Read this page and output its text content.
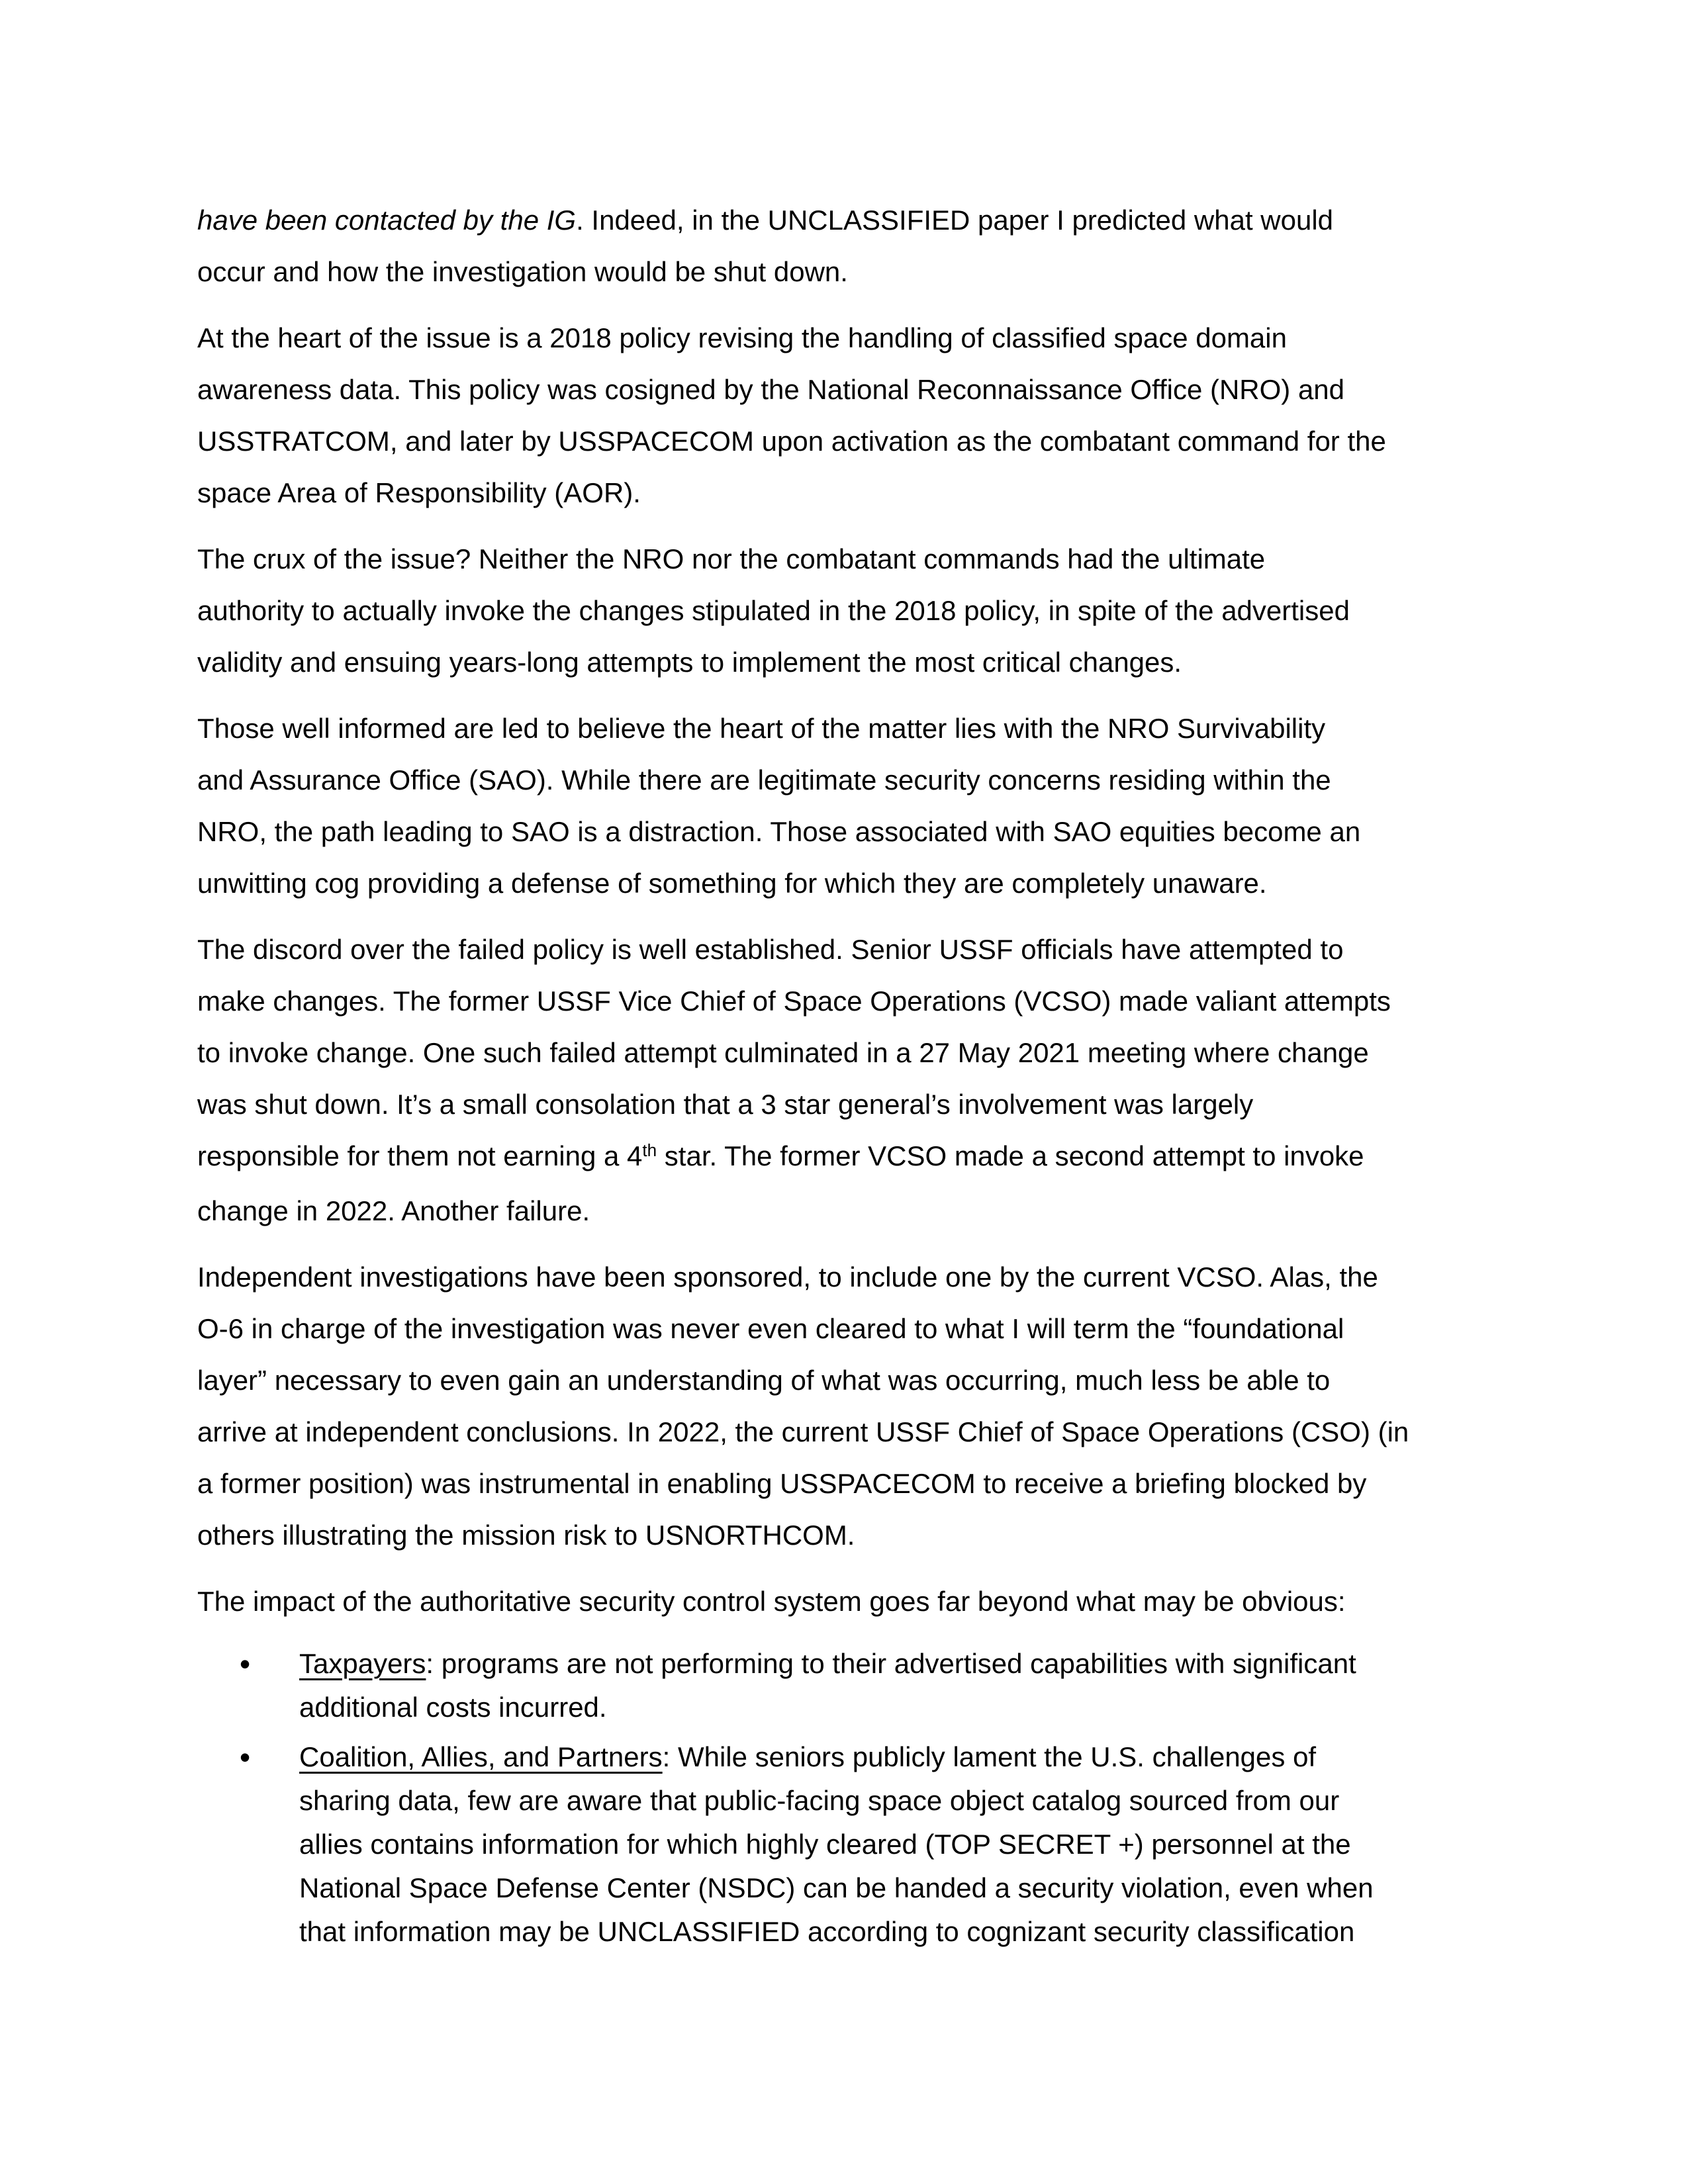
have been contacted by the IG. Indeed, in the UNCLASSIFIED paper I predicted what would
occur and how the investigation would be shut down.
At the heart of the issue is a 2018 policy revising the handling of classified space domain
awareness data. This policy was cosigned by the National Reconnaissance Office (NRO) and
USSTRATCOM, and later by USSPACECOM upon activation as the combatant command for the
space Area of Responsibility (AOR).
The crux of the issue? Neither the NRO nor the combatant commands had the ultimate
authority to actually invoke the changes stipulated in the 2018 policy, in spite of the advertised
validity and ensuing years-long attempts to implement the most critical changes.
Those well informed are led to believe the heart of the matter lies with the NRO Survivability
and Assurance Office (SAO). While there are legitimate security concerns residing within the
NRO, the path leading to SAO is a distraction. Those associated with SAO equities become an
unwitting cog providing a defense of something for which they are completely unaware.
The discord over the failed policy is well established. Senior USSF officials have attempted to
make changes. The former USSF Vice Chief of Space Operations (VCSO) made valiant attempts
to invoke change. One such failed attempt culminated in a 27 May 2021 meeting where change
was shut down. It’s a small consolation that a 3 star general’s involvement was largely
responsible for them not earning a 4th star. The former VCSO made a second attempt to invoke
change in 2022. Another failure.
Independent investigations have been sponsored, to include one by the current VCSO. Alas, the
O-6 in charge of the investigation was never even cleared to what I will term the “foundational
layer” necessary to even gain an understanding of what was occurring, much less be able to
arrive at independent conclusions. In 2022, the current USSF Chief of Space Operations (CSO) (in
a former position) was instrumental in enabling USSPACECOM to receive a briefing blocked by
others illustrating the mission risk to USNORTHCOM.
The impact of the authoritative security control system goes far beyond what may be obvious:
• Taxpayers: programs are not performing to their advertised capabilities with significant
additional costs incurred.
• Coalition, Allies, and Partners: While seniors publicly lament the U.S. challenges of
sharing data, few are aware that public-facing space object catalog sourced from our
allies contains information for which highly cleared (TOP SECRET +) personnel at the
National Space Defense Center (NSDC) can be handed a security violation, even when
that information may be UNCLASSIFIED according to cognizant security classification
